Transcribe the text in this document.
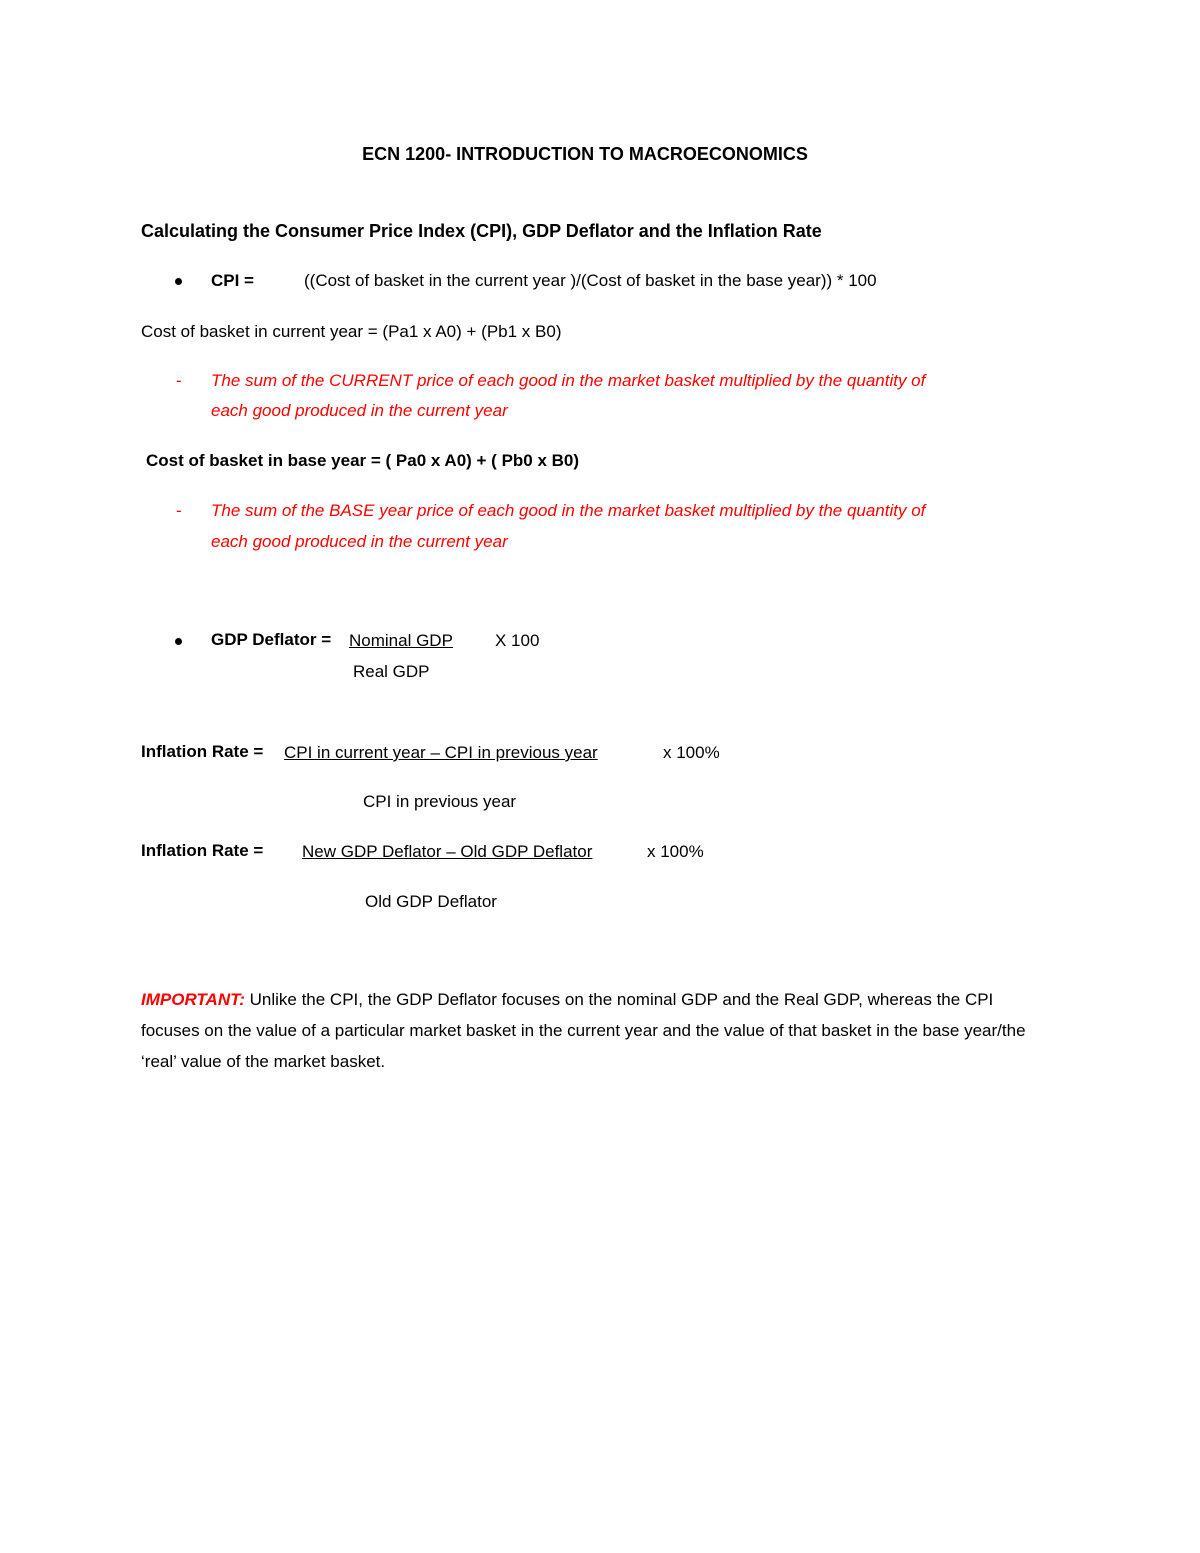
ECN 1200- INTRODUCTION TO MACROECONOMICS
Calculating the Consumer Price Index (CPI), GDP Deflator and the Inflation Rate
CPI =	((Cost of basket in the current year )/(Cost of basket in the base year)) * 100
Cost of basket in current year = (Pa1 x A0) + (Pb1 x B0)
- The sum of the CURRENT price of each good in the market basket multiplied by the quantity of
each good produced in the current year
Cost of basket in base year = ( Pa0 x A0) + ( Pb0 x B0)
- The sum of the BASE year price of each good in the market basket multiplied by the quantity of
each good produced in the current year
GDP Deflator = Nominal GDP X 100
Real GDP
Inflation Rate = CPI in current year – CPI in previous year	x 100%
CPI in previous year
Inflation Rate = New GDP Deflator – Old GDP Deflator	x 100%
Old GDP Deflator
IMPORTANT: Unlike the CPI, the GDP Deflator focuses on the nominal GDP and the Real GDP, whereas the CPI focuses on the value of a particular market basket in the current year and the value of that basket in the base year/the ‘real’ value of the market basket.
